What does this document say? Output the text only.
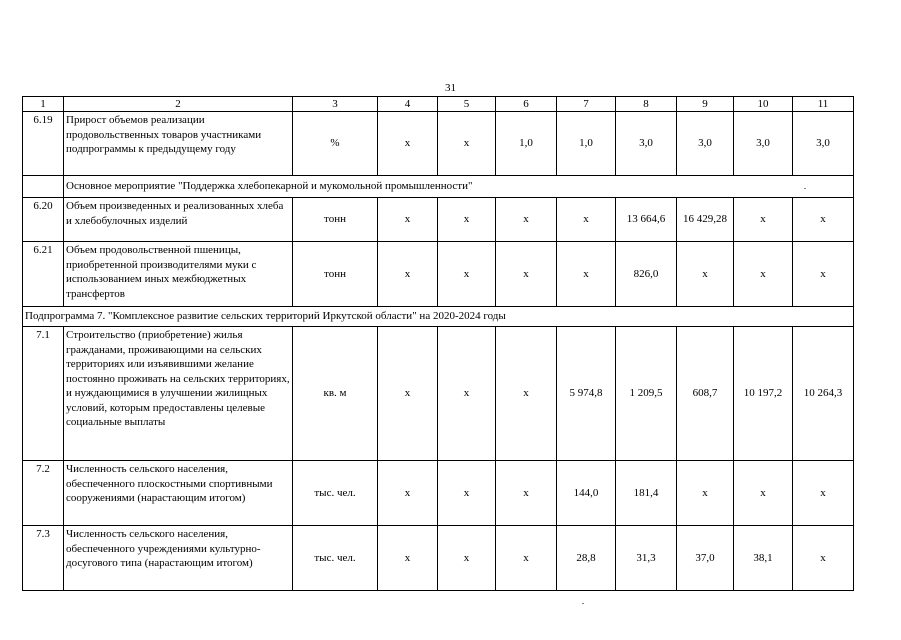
31
1	2	3	4	5	6	7	8	9	10	11
6.19	Прирост объемов реализации продовольственных товаров участниками подпрограммы к предыдущему году	%	х	х	1,0	1,0	3,0	3,0	3,0	3,0
	Основное мероприятие "Поддержка хлебопекарной и мукомольной промышленности"									
6.20	Объем произведенных и реализованных хлеба и хлебобулочных изделий	тонн	х	х	х	х	13 664,6	16 429,28	х	х
6.21	Объем продовольственной пшеницы, приобретенной производителями муки с использованием иных межбюджетных трансфертов	тонн	х	х	х	х	826,0	х	х	х
Подпрограмма 7. "Комплексное развитие сельских территорий Иркутской области" на 2020-2024 годы										
7.1	Строительство (приобретение) жилья гражданами, проживающими на сельских территориях или изъявившими желание постоянно проживать на сельских территориях, и нуждающимися в улучшении жилищных условий, которым предоставлены целевые социальные выплаты	кв. м	х	х	х	5 974,8	1 209,5	608,7	10 197,2	10 264,3
7.2	Численность сельского населения, обеспеченного плоскостными спортивными сооружениями (нарастающим итогом)	тыс. чел.	х	х	х	144,0	181,4	х	х	х
7.3	Численность сельского населения, обеспеченного учреждениями культурно-досугового типа (нарастающим итогом)	тыс. чел.	х	х	х	28,8	31,3	37,0	38,1	х
